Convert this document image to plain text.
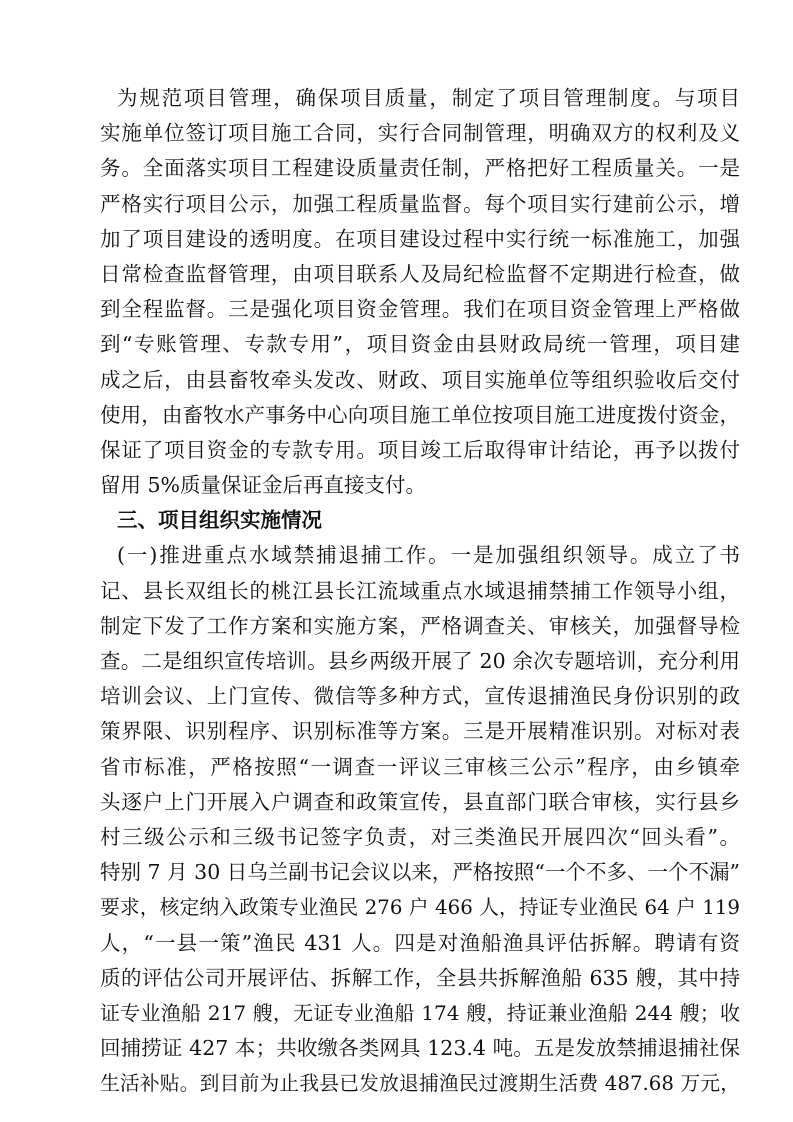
为规范项目管理，确保项目质量，制定了项目管理制度。与项目
实施单位签订项目施工合同，实行合同制管理，明确双方的权利及义
务。全面落实项目工程建设质量责任制，严格把好工程质量关。一是
严格实行项目公示，加强工程质量监督。每个项目实行建前公示，增
加了项目建设的透明度。在项目建设过程中实行统一标准施工，加强
日常检查监督管理，由项目联系人及局纪检监督不定期进行检查，做
到全程监督。三是强化项目资金管理。我们在项目资金管理上严格做
到“专账管理、专款专用”，项目资金由县财政局统一管理，项目建
成之后，由县畜牧牵头发改、财政、项目实施单位等组织验收后交付
使用，由畜牧水产事务中心向项目施工单位按项目施工进度拨付资金，
保证了项目资金的专款专用。项目竣工后取得审计结论，再予以拨付
留用 5%质量保证金后再直接支付。
三、项目组织实施情况
(一)推进重点水域禁捕退捕工作。一是加强组织领导。成立了书
记、县长双组长的桃江县长江流域重点水域退捕禁捕工作领导小组，
制定下发了工作方案和实施方案，严格调查关、审核关，加强督导检
查。二是组织宣传培训。县乡两级开展了 20 余次专题培训，充分利用
培训会议、上门宣传、微信等多种方式，宣传退捕渔民身份识别的政
策界限、识别程序、识别标准等方案。三是开展精准识别。对标对表
省市标准，严格按照“一调查一评议三审核三公示”程序，由乡镇牵
头逐户上门开展入户调查和政策宣传，县直部门联合审核，实行县乡
村三级公示和三级书记签字负责，对三类渔民开展四次“回头看”。
特别 7 月 30 日乌兰副书记会议以来，严格按照“一个不多、一个不漏”
要求，核定纳入政策专业渔民 276 户 466 人，持证专业渔民 64 户 119
人，“一县一策”渔民 431 人。四是对渔船渔具评估拆解。聘请有资
质的评估公司开展评估、拆解工作，全县共拆解渔船 635 艘，其中持
证专业渔船 217 艘，无证专业渔船 174 艘，持证兼业渔船 244 艘；收
回捕捞证 427 本；共收缴各类网具 123.4 吨。五是发放禁捕退捕社保
生活补贴。到目前为止我县已发放退捕渔民过渡期生活费 487.68 万元，
